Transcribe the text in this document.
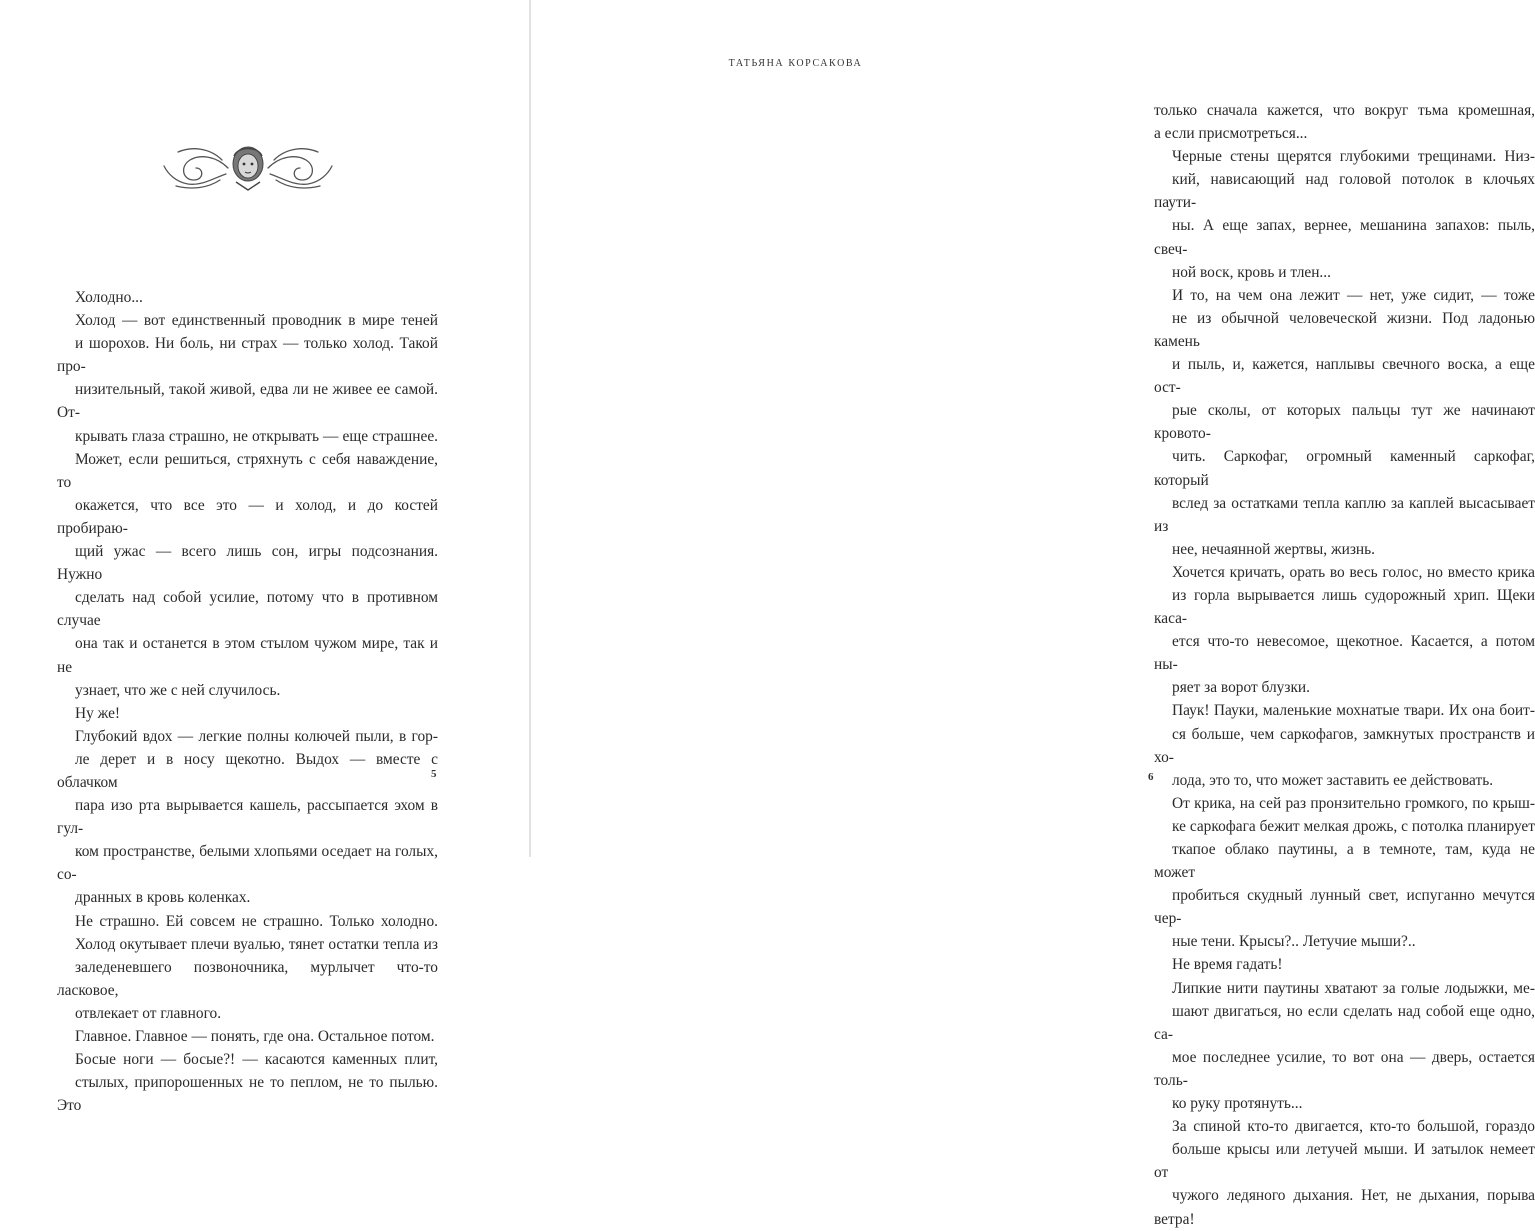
Холодно...

Холод — вот единственный проводник в мире теней
и шорохов. Ни боль, ни страх — только холод. Такой про-
низительный, такой живой, едва ли не живее ее самой. От-
крывать глаза страшно, не открывать — еще страшнее.
Может, если решиться, стряхнуть с себя наваждение, то
окажется, что все это — и холод, и до костей пробираю-
щий ужас — всего лишь сон, игры подсознания. Нужно
сделать над собой усилие, потому что в противном случае
она так и останется в этом стылом чужом мире, так и не
узнает, что же с ней случилось.

Ну же!

Глубокий вдох — легкие полны колючей пыли, в гор-
ле дерет и в носу щекотно. Выдох — вместе с облачком
пара изо рта вырывается кашель, рассыпается эхом в гул-
ком пространстве, белыми хлопьями оседает на голых, со-
дранных в кровь коленках.

Не страшно. Ей совсем не страшно. Только холодно.
Холод окутывает плечи вуалью, тянет остатки тепла из
заледеневшего позвоночника, мурлычет что-то ласковое,
отвлекает от главного.

Главное. Главное — понять, где она. Остальное потом.

Босые ноги — босые?! — касаются каменных плит,
стылых, припорошенных не то пеплом, не то пылью. Это

5

только сначала кажется, что вокруг тьма кромешная,
а если присмотреться...

Черные стены щерятся глубокими трещинами. Низ-
кий, нависающий над головой потолок в клочьях паути-
ны. А еще запах, вернее, мешанина запахов: пыль, свеч-
ной воск, кровь и тлен...

И то, на чем она лежит — нет, уже сидит, — тоже
не из обычной человеческой жизни. Под ладонью камень
и пыль, и, кажется, наплывы свечного воска, а еще ост-
рые сколы, от которых пальцы тут же начинают кровото-
чить. Саркофаг, огромный каменный саркофаг, который
вслед за остатками тепла каплю за каплей высасывает из
нее, нечаянной жертвы, жизнь.

Хочется кричать, орать во весь голос, но вместо крика
из горла вырывается лишь судорожный хрип. Щеки каса-
ется что-то невесомое, щекотное. Касается, а потом ны-
ряет за ворот блузки.

Паук! Пауки, маленькие мохнатые твари. Их она боит-
ся больше, чем саркофагов, замкнутых пространств и хо-
лода, это то, что может заставить ее действовать.

От крика, на сей раз пронзительно громкого, по крыш-
ке саркофага бежит мелкая дрожь, с потолка планирует
ткапое облако паутины, а в темноте, там, куда не может
пробиться скудный лунный свет, испуганно мечутся чер-
ные тени. Крысы?.. Летучие мыши?..

Не время гадать!

Липкие нити паутины хватают за голые лодыжки, ме-
шают двигаться, но если сделать над собой еще одно, са-
мое последнее усилие, то вот она — дверь, остается толь-
ко руку протянуть...

За спиной кто-то двигается, кто-то большой, гораздо
больше крысы или летучей мыши. И затылок немеет от
чужого ледяного дыхания. Нет, не дыхания, порыва ветра!

6
ТАТЬЯНА КОРСАКОВА
